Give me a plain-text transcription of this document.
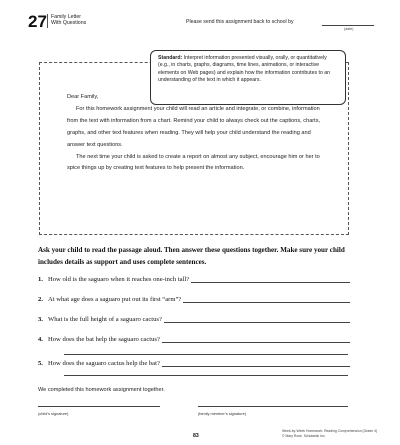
27 Family Letter
With Questions	Please send this assignment back to school by
(date)
Standard: Interpret information presented visually, orally, or quantitatively (e.g., in charts, graphs, diagrams, time lines, animations, or interactive elements on Web pages) and explain how the information contributes to an understanding of the text in which it appears.

Dear Family,

For this homework assignment your child will read an article and integrate, or combine, information from the text with information from a chart. Remind your child to always check out the captions, charts, graphs, and other text features when reading. They will help your child understand the reading and answer text questions.

The next time your child is asked to create a report on almost any subject, encourage him or her to spice things up by creating text features to help present the information.

Ask your child to read the passage aloud. Then answer these questions together. Make sure your child includes details as support and uses complete sentences.
1. How old is the saguaro when it reaches one-inch tall?
2. At what age does a saguaro put out its first “arm”?
3. What is the full height of a saguaro cactus?
4. How does the bat help the saguaro cactus?
5. How does the saguaro cactus help the bat?
We completed this homework assignment together.
(child’s signature)	(family member’s signature)
83
Week-by-Week Homework: Reading Comprehension (Grade 4)
© Mary Rose, Scholastic Inc.
